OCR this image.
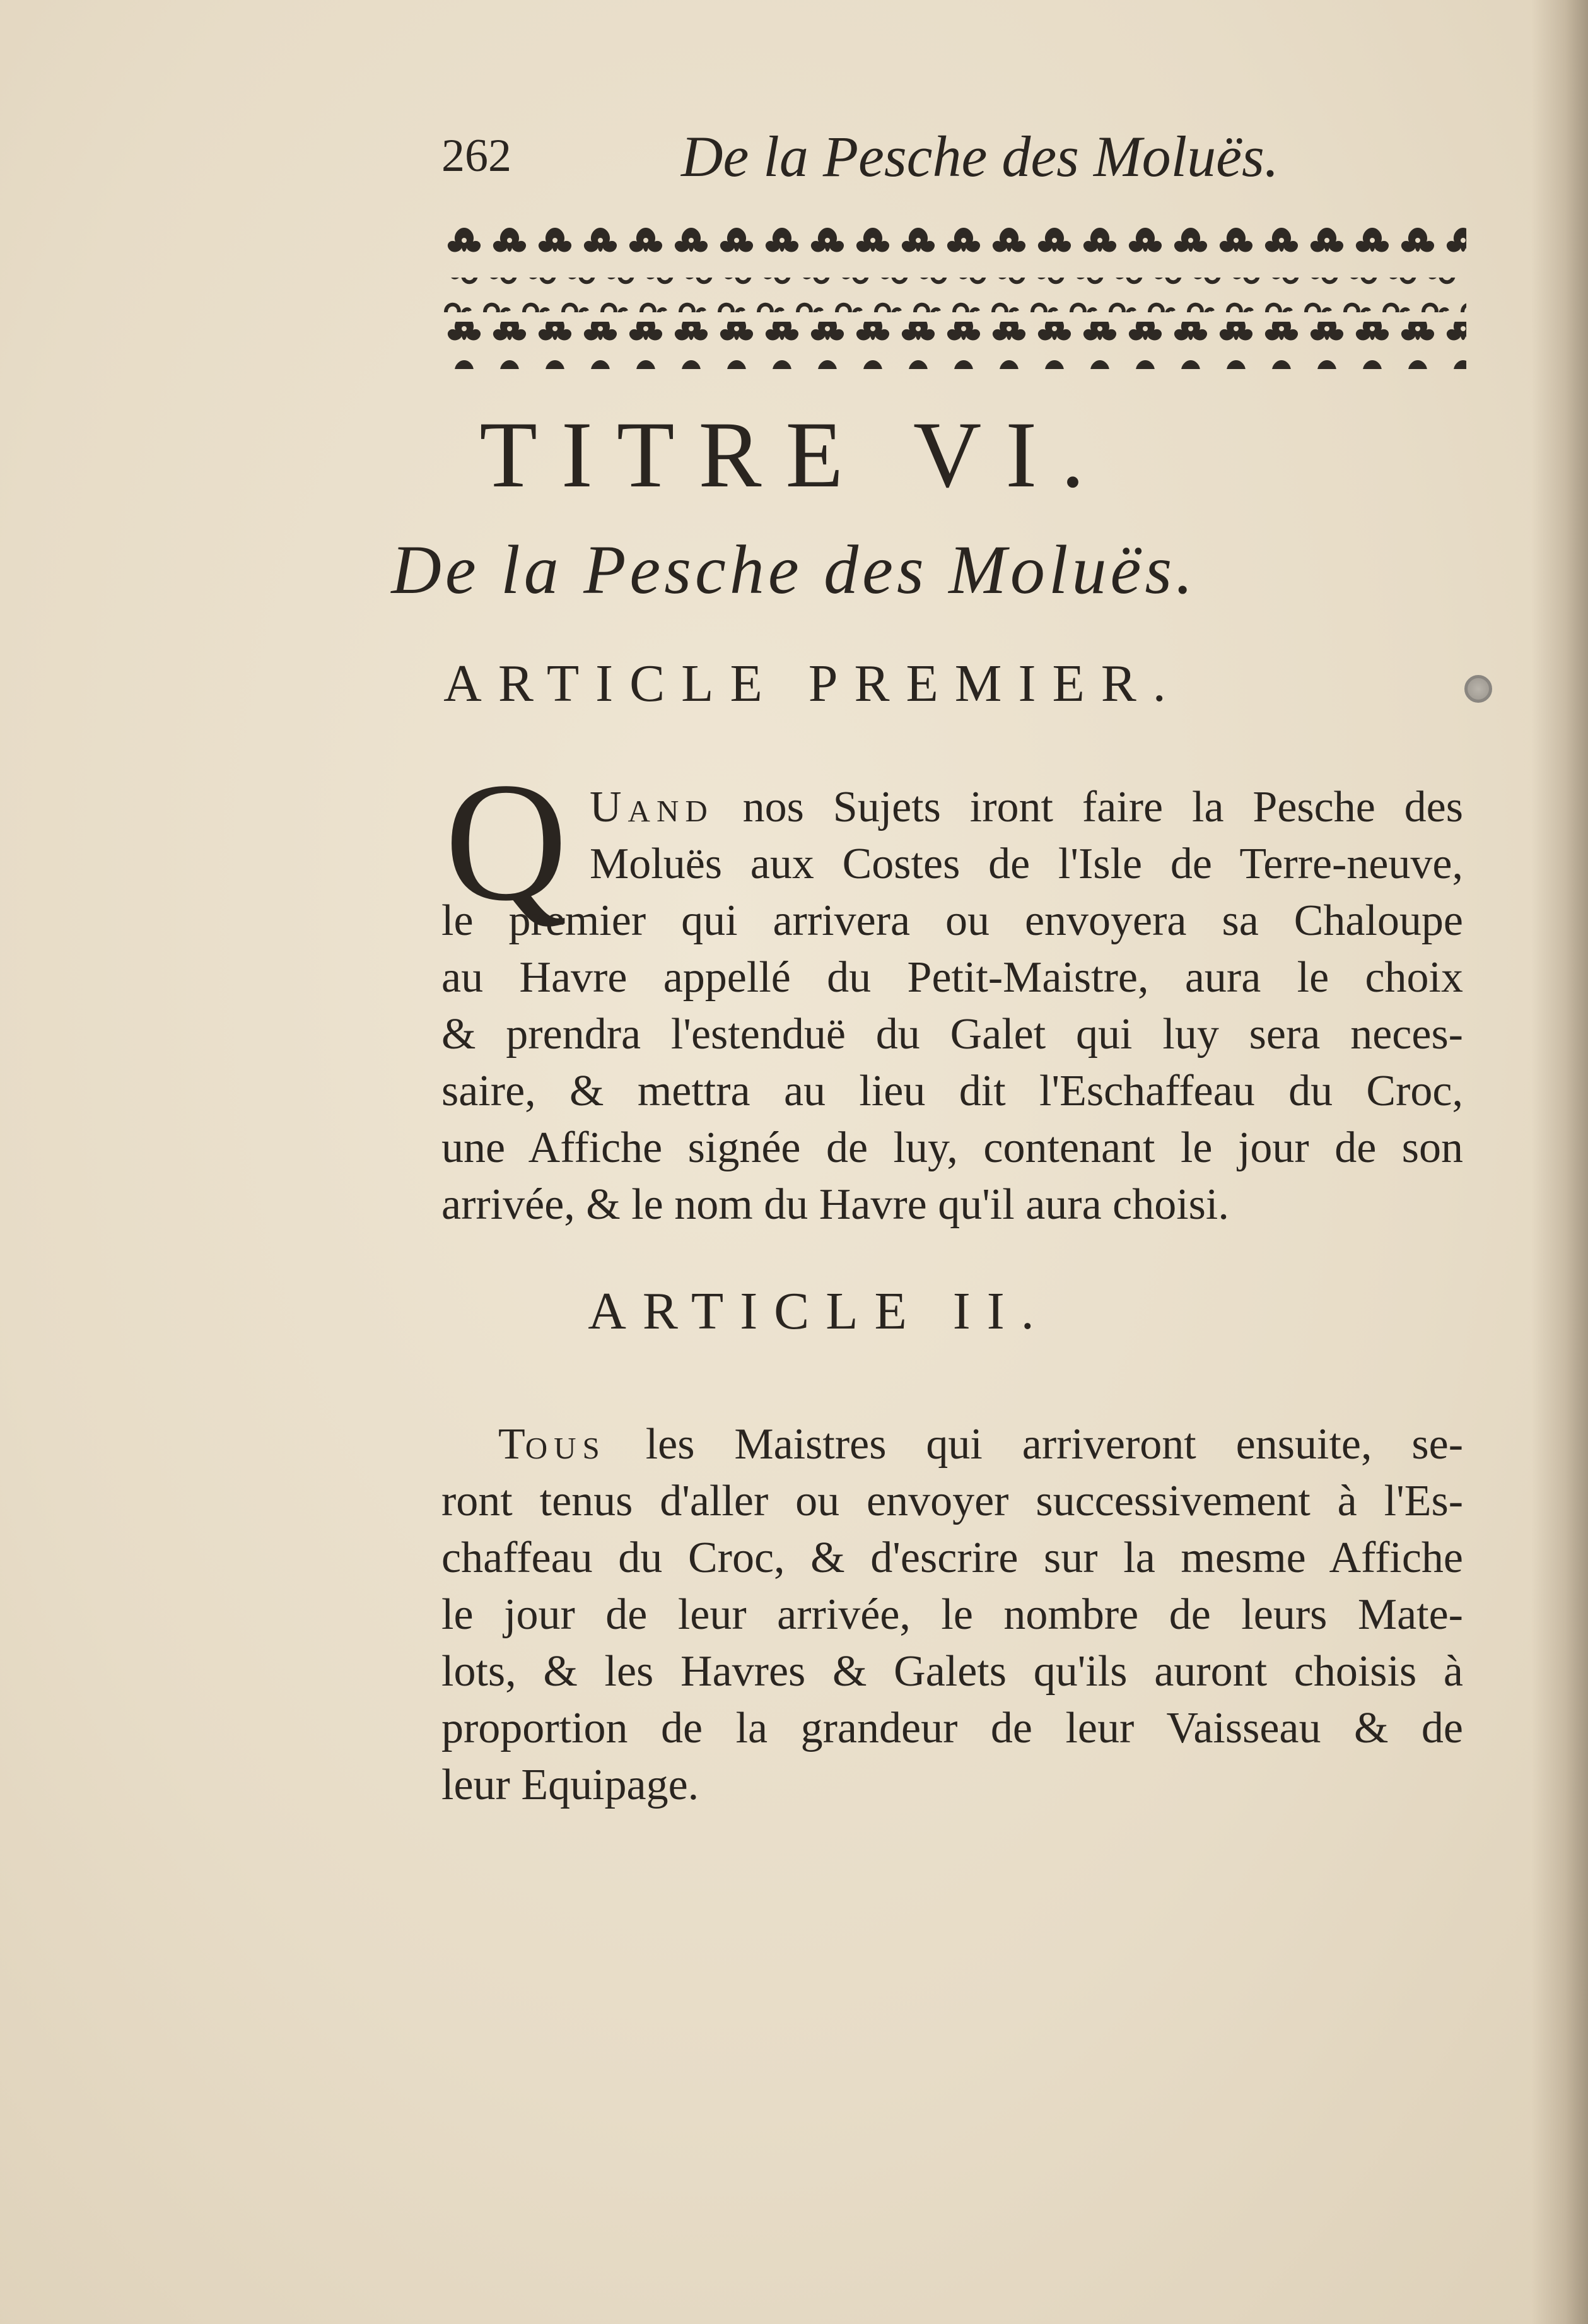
262	De la Pesche des Moluës.
TITRE VI.
De la Pesche des Moluës.
ARTICLE PREMIER.
Q Uand nos Sujets iront faire la Pesche des
Moluës aux Costes de l'Isle de Terre-neuve,
le premier qui arrivera ou envoyera sa Chaloupe
au Havre appellé du Petit-Maistre, aura le choix
& prendra l'estenduë du Galet qui luy sera neces-
saire, & mettra au lieu dit l'Eschaffeau du Croc,
une Affiche signée de luy, contenant le jour de son
arrivée, & le nom du Havre qu'il aura choisi.
ARTICLE II.
Tous les Maistres qui arriveront ensuite, se-
ront tenus d'aller ou envoyer successivement à l'Es-
chaffeau du Croc, & d'escrire sur la mesme Affiche
le jour de leur arrivée, le nombre de leurs Mate-
lots, & les Havres & Galets qu'ils auront choisis à
proportion de la grandeur de leur Vaisseau & de
leur Equipage.
